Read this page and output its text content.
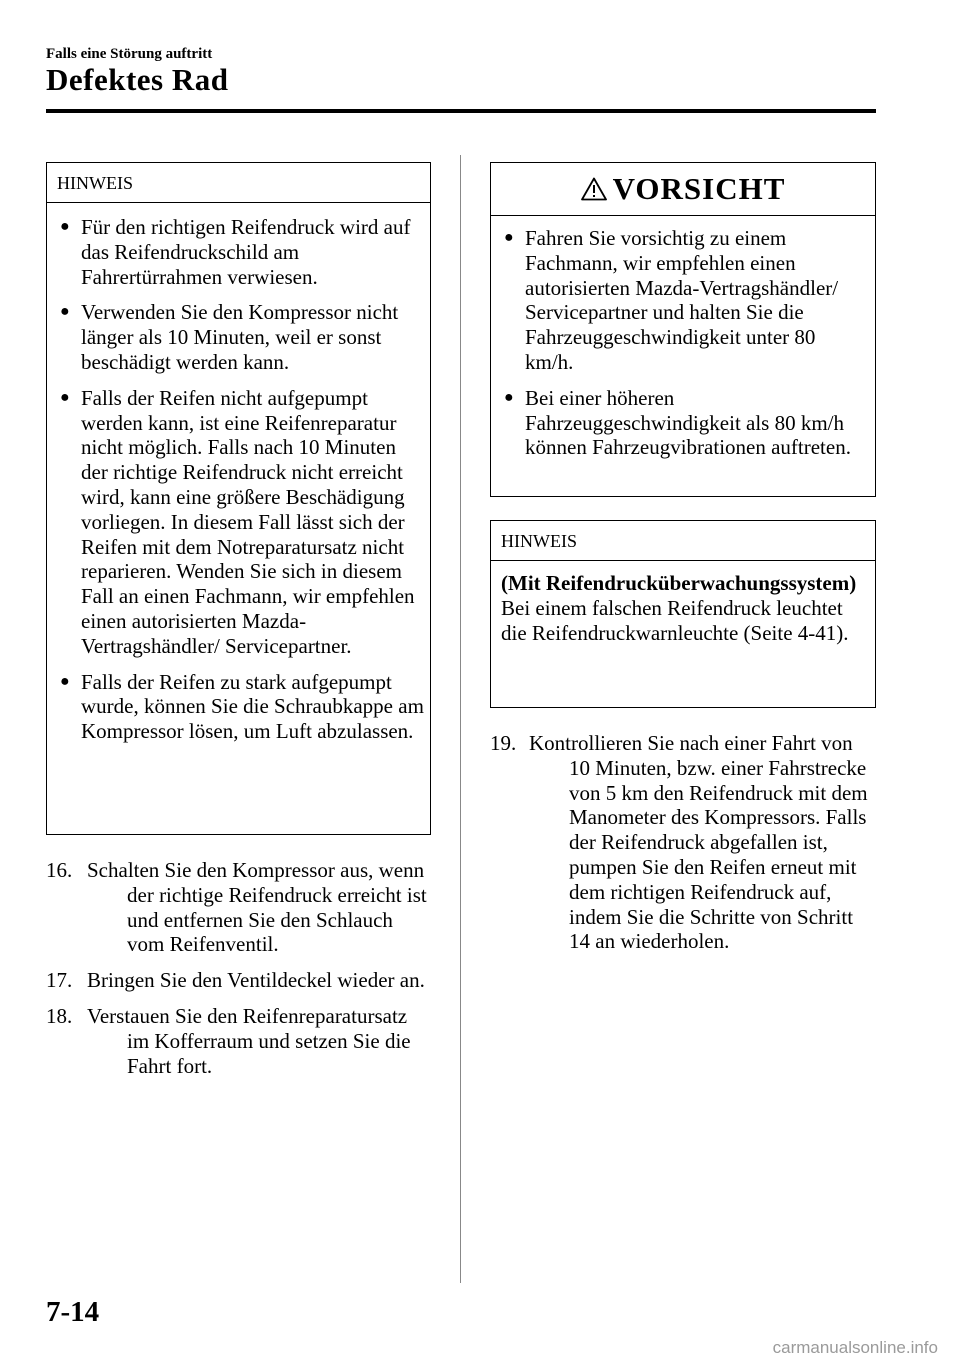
Falls eine Störung auftritt
Defektes Rad
HINWEIS
● Für den richtigen Reifendruck wird auf das Reifendruckschild am Fahrertürrahmen verwiesen.
● Verwenden Sie den Kompressor nicht länger als 10 Minuten, weil er sonst beschädigt werden kann.
● Falls der Reifen nicht aufgepumpt werden kann, ist eine Reifenreparatur nicht möglich. Falls nach 10 Minuten der richtige Reifendruck nicht erreicht wird, kann eine größere Beschädigung vorliegen. In diesem Fall lässt sich der Reifen mit dem Notreparatursatz nicht reparieren. Wenden Sie sich in diesem Fall an einen Fachmann, wir empfehlen einen autorisierten Mazda-Vertragshändler/ Servicepartner.
● Falls der Reifen zu stark aufgepumpt wurde, können Sie die Schraubkappe am Kompressor lösen, um Luft abzulassen.
16. Schalten Sie den Kompressor aus, wenn der richtige Reifendruck erreicht ist und entfernen Sie den Schlauch vom Reifenventil.
17. Bringen Sie den Ventildeckel wieder an.
18. Verstauen Sie den Reifenreparatursatz im Kofferraum und setzen Sie die Fahrt fort.
VORSICHT
● Fahren Sie vorsichtig zu einem Fachmann, wir empfehlen einen autorisierten Mazda-Vertragshändler/ Servicepartner und halten Sie die Fahrzeuggeschwindigkeit unter 80 km/h.
● Bei einer höheren Fahrzeuggeschwindigkeit als 80 km/h können Fahrzeugvibrationen auftreten.
HINWEIS
(Mit Reifendrucküberwachungssystem)
Bei einem falschen Reifendruck leuchtet die Reifendruckwarnleuchte (Seite 4-41).
19. Kontrollieren Sie nach einer Fahrt von 10 Minuten, bzw. einer Fahrstrecke von 5 km den Reifendruck mit dem Manometer des Kompressors. Falls der Reifendruck abgefallen ist, pumpen Sie den Reifen erneut mit dem richtigen Reifendruck auf, indem Sie die Schritte von Schritt 14 an wiederholen.
7-14
carmanualsonline.info
